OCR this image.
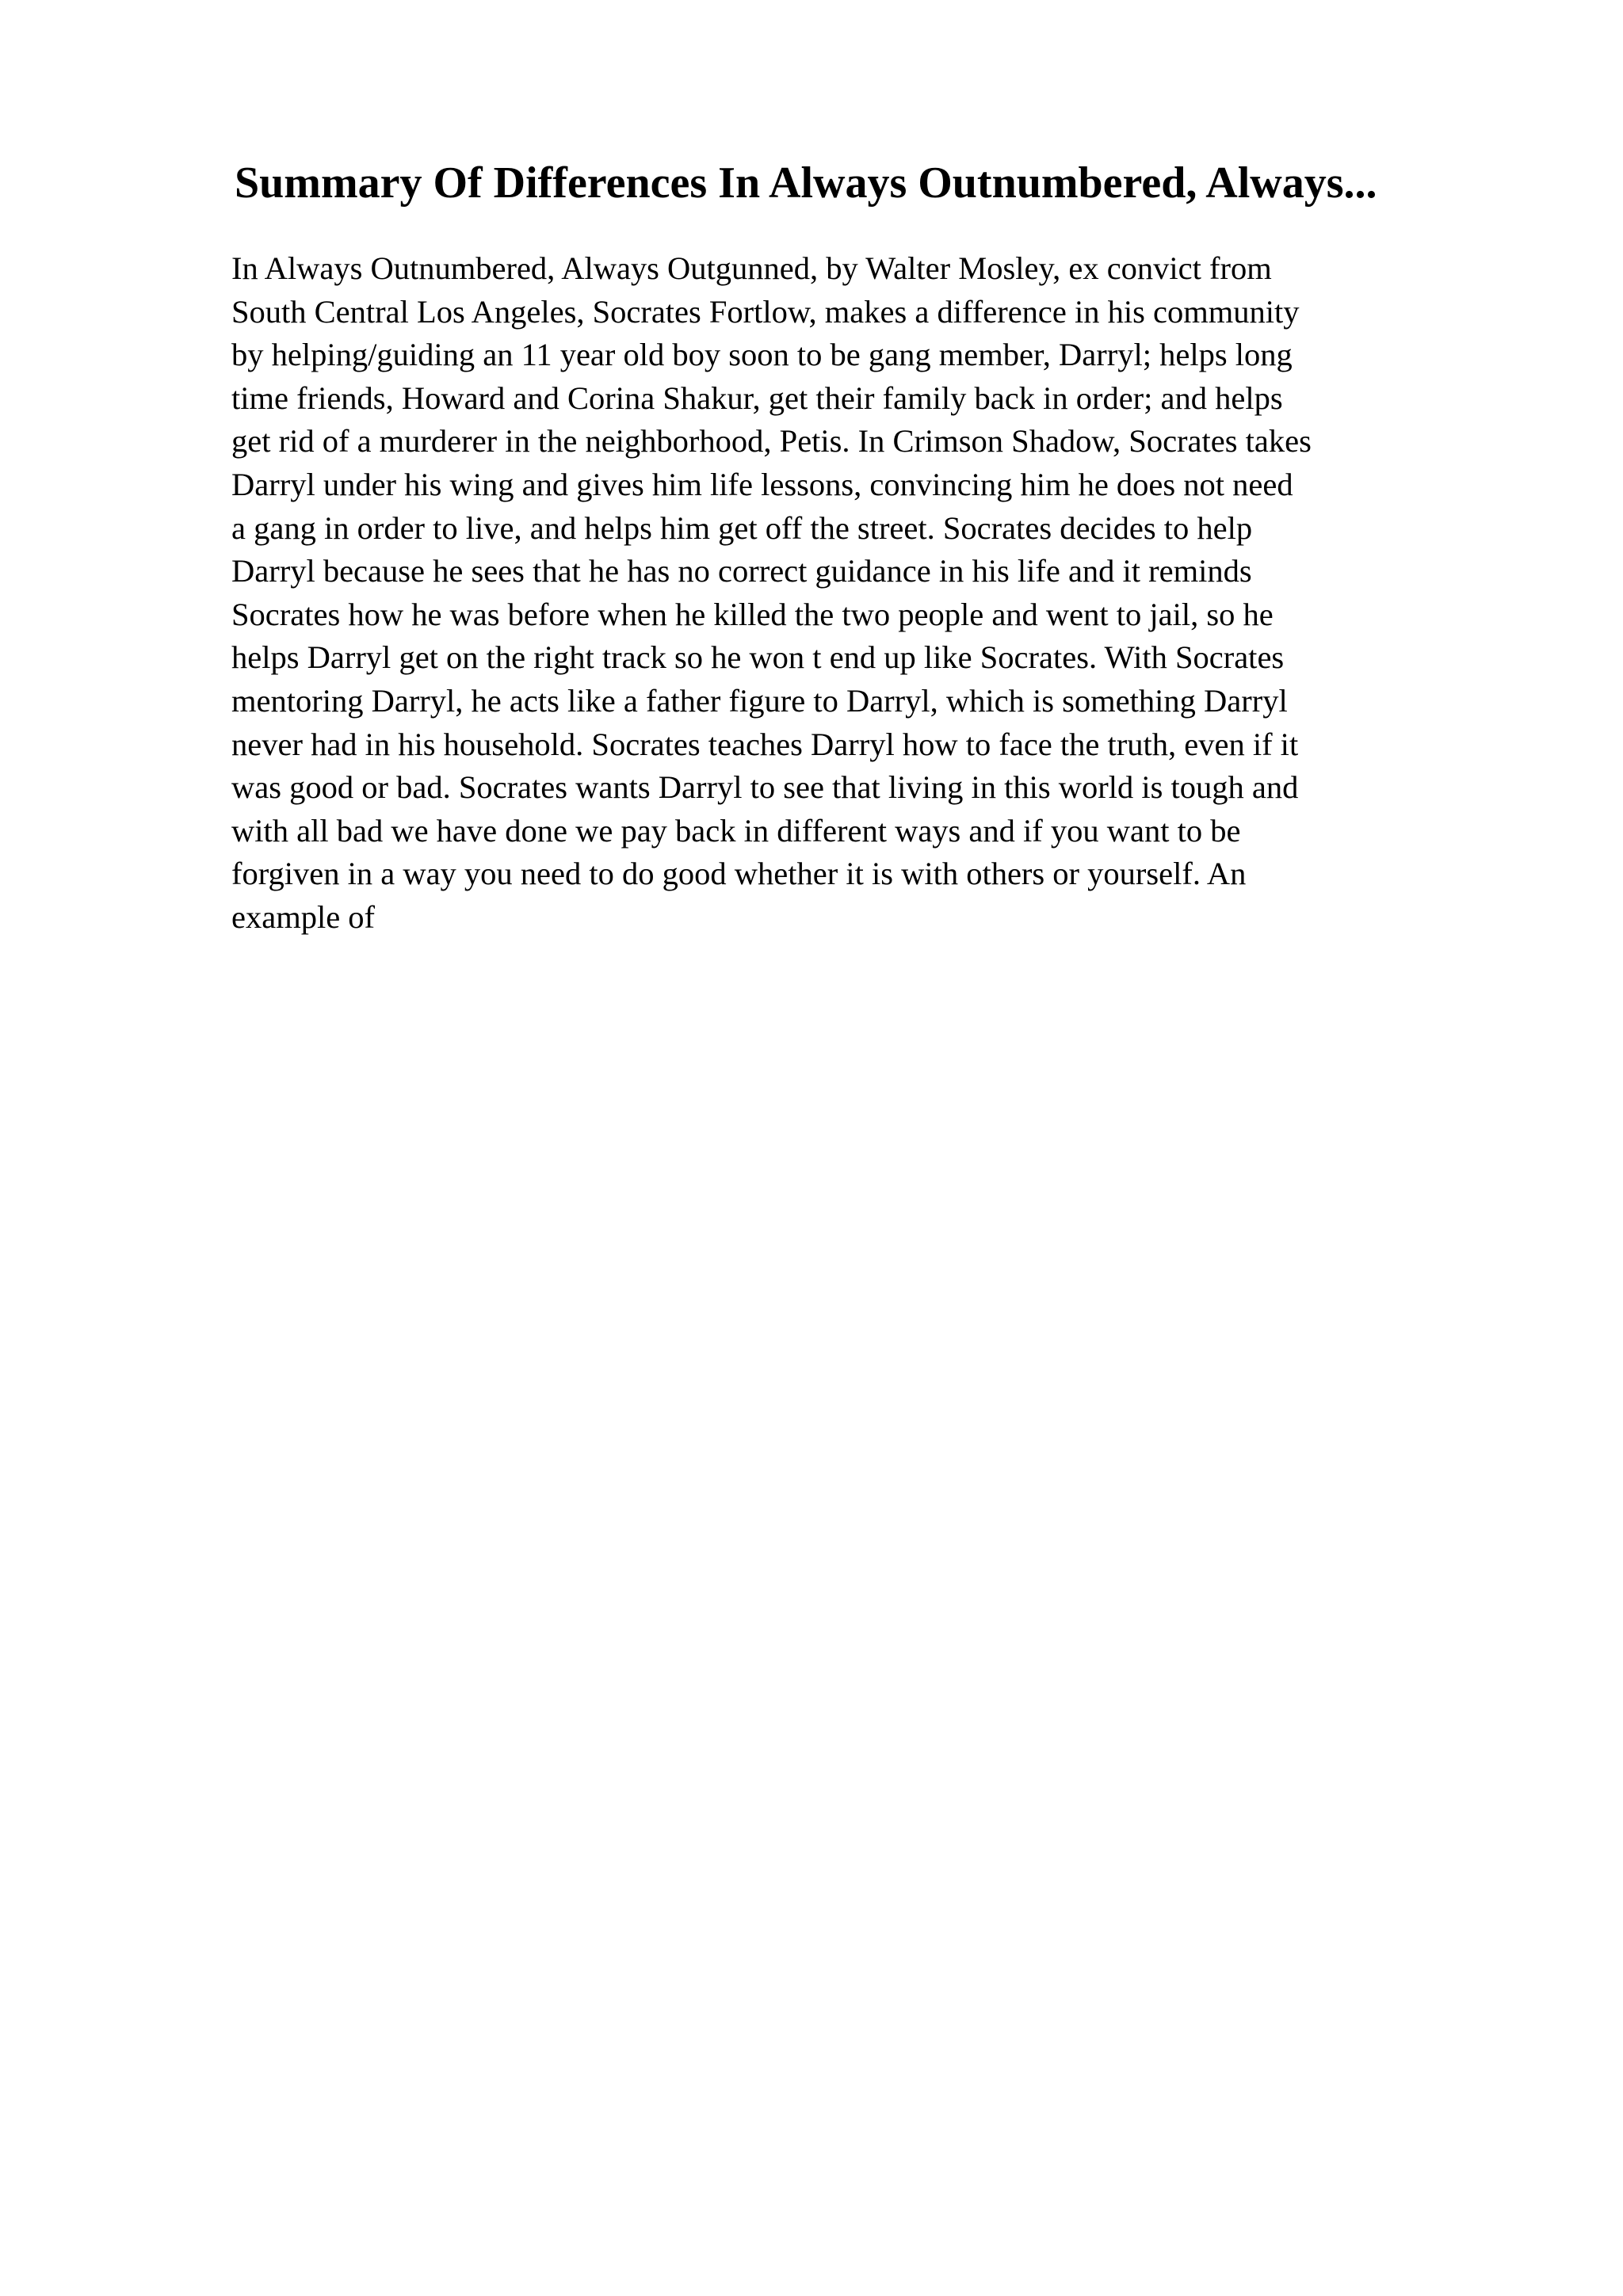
Summary Of Differences In Always Outnumbered, Always...
In Always Outnumbered, Always Outgunned, by Walter Mosley, ex convict from
South Central Los Angeles, Socrates Fortlow, makes a difference in his community
by helping/guiding an 11 year old boy soon to be gang member, Darryl; helps long
time friends, Howard and Corina Shakur, get their family back in order; and helps
get rid of a murderer in the neighborhood, Petis. In Crimson Shadow, Socrates takes
Darryl under his wing and gives him life lessons, convincing him he does not need
a gang in order to live, and helps him get off the street. Socrates decides to help
Darryl because he sees that he has no correct guidance in his life and it reminds
Socrates how he was before when he killed the two people and went to jail, so he
helps Darryl get on the right track so he won t end up like Socrates. With Socrates
mentoring Darryl, he acts like a father figure to Darryl, which is something Darryl
never had in his household. Socrates teaches Darryl how to face the truth, even if it
was good or bad. Socrates wants Darryl to see that living in this world is tough and
with all bad we have done we pay back in different ways and if you want to be
forgiven in a way you need to do good whether it is with others or yourself. An
example of
